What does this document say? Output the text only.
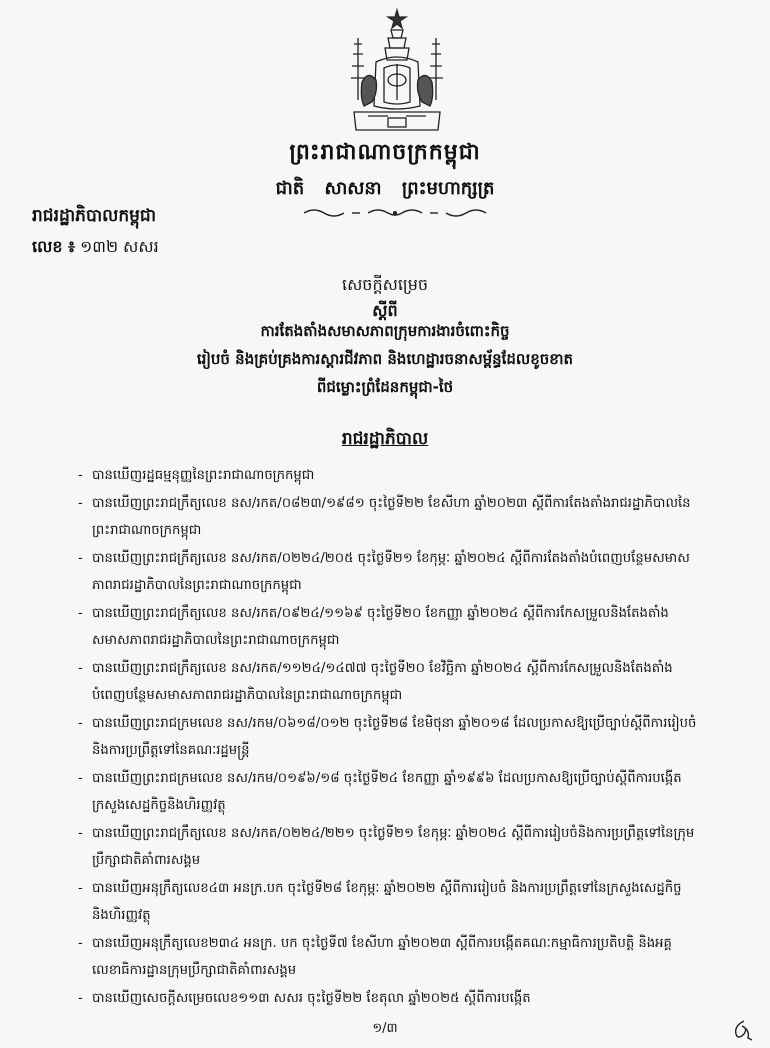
ព្រះរាជាណាចក្រកម្ពុជា
ជាតិ សាសនា ព្រះមហាក្សត្រ
រាជរដ្ឋាភិបាលកម្ពុជា
លេខ ៖ ១៣២ សសរ
សេចក្តីសម្រេច
ស្តីពី
ការតែងតាំងសមាសភាពក្រុមការងារចំពោះកិច្ច
រៀបចំ និងគ្រប់គ្រងការស្តារជីវភាព និងហេដ្ឋារចនាសម្ព័ន្ធដែលខូចខាត
ពីជម្លោះព្រំដែនកម្ពុជា-ថៃ
រាជរដ្ឋាភិបាល
- បានឃើញរដ្ឋធម្មនុញ្ញនៃព្រះរាជាណាចក្រកម្ពុជា
- បានឃើញព្រះរាជក្រឹត្យលេខ នស/រកត/០៨២៣/១៩៨១ ចុះថ្ងៃទី២២ ខែសីហា ឆ្នាំ២០២៣ ស្តីពីការតែងតាំងរាជរដ្ឋាភិបាលនៃព្រះរាជាណាចក្រកម្ពុជា
- បានឃើញព្រះរាជក្រឹត្យលេខ នស/រកត/០២២៤/២០៥ ចុះថ្ងៃទី២១ ខែកុម្ភៈ ឆ្នាំ២០២៤ ស្តីពីការតែងតាំងបំពេញបន្ថែមសមាសភាពរាជរដ្ឋាភិបាលនៃព្រះរាជាណាចក្រកម្ពុជា
- បានឃើញព្រះរាជក្រឹត្យលេខ នស/រកត/០៩២៤/១១៦៩ ចុះថ្ងៃទី២០ ខែកញ្ញា ឆ្នាំ២០២៤ ស្តីពីការកែសម្រួលនិងតែងតាំងសមាសភាពរាជរដ្ឋាភិបាលនៃព្រះរាជាណាចក្រកម្ពុជា
- បានឃើញព្រះរាជក្រឹត្យលេខ នស/រកត/១១២៤/១៤៧៧ ចុះថ្ងៃទី២០ ខែវិច្ឆិកា ឆ្នាំ២០២៤ ស្តីពីការកែសម្រួលនិងតែងតាំងបំពេញបន្ថែមសមាសភាពរាជរដ្ឋាភិបាលនៃព្រះរាជាណាចក្រកម្ពុជា
- បានឃើញព្រះរាជក្រមលេខ នស/រកម/០៦១៨/០១២ ចុះថ្ងៃទី២៨ ខែមិថុនា ឆ្នាំ២០១៨ ដែលប្រកាសឱ្យប្រើច្បាប់ស្តីពីការរៀបចំ និងការប្រព្រឹត្តទៅនៃគណៈរដ្ឋមន្ត្រី
- បានឃើញព្រះរាជក្រមលេខ នស/រកម/០១៩៦/១៨ ចុះថ្ងៃទី២៤ ខែកញ្ញា ឆ្នាំ១៩៩៦ ដែលប្រកាសឱ្យប្រើច្បាប់ស្តីពីការបង្កើតក្រសួងសេដ្ឋកិច្ចនិងហិរញ្ញវត្ថុ
- បានឃើញព្រះរាជក្រឹត្យលេខ នស/រកត/០២២៤/២២១ ចុះថ្ងៃទី២១ ខែកុម្ភៈ ឆ្នាំ២០២៤ ស្តីពីការរៀបចំនិងការប្រព្រឹត្តទៅនៃក្រុមប្រឹក្សាជាតិគាំពារសង្គម
- បានឃើញអនុក្រឹត្យលេខ៤៣ អនក្រ.បក ចុះថ្ងៃទី២៨ ខែកុម្ភៈ ឆ្នាំ២០២២ ស្តីពីការរៀបចំ និងការប្រព្រឹត្តទៅនៃក្រសួងសេដ្ឋកិច្ចនិងហិរញ្ញវត្ថុ
- បានឃើញអនុក្រឹត្យលេខ២៣៤ អនក្រ. បក ចុះថ្ងៃទី៧ ខែសីហា ឆ្នាំ២០២៣ ស្តីពីការបង្កើតគណៈកម្មាធិការប្រតិបត្តិ និងអគ្គលេខាធិការដ្ឋានក្រុមប្រឹក្សាជាតិគាំពារសង្គម
- បានឃើញសេចក្តីសម្រេចលេខ១១៣ សសរ ចុះថ្ងៃទី២២ ខែតុលា ឆ្នាំ២០២៥ ស្តីពីការបង្កើត
១/៣
